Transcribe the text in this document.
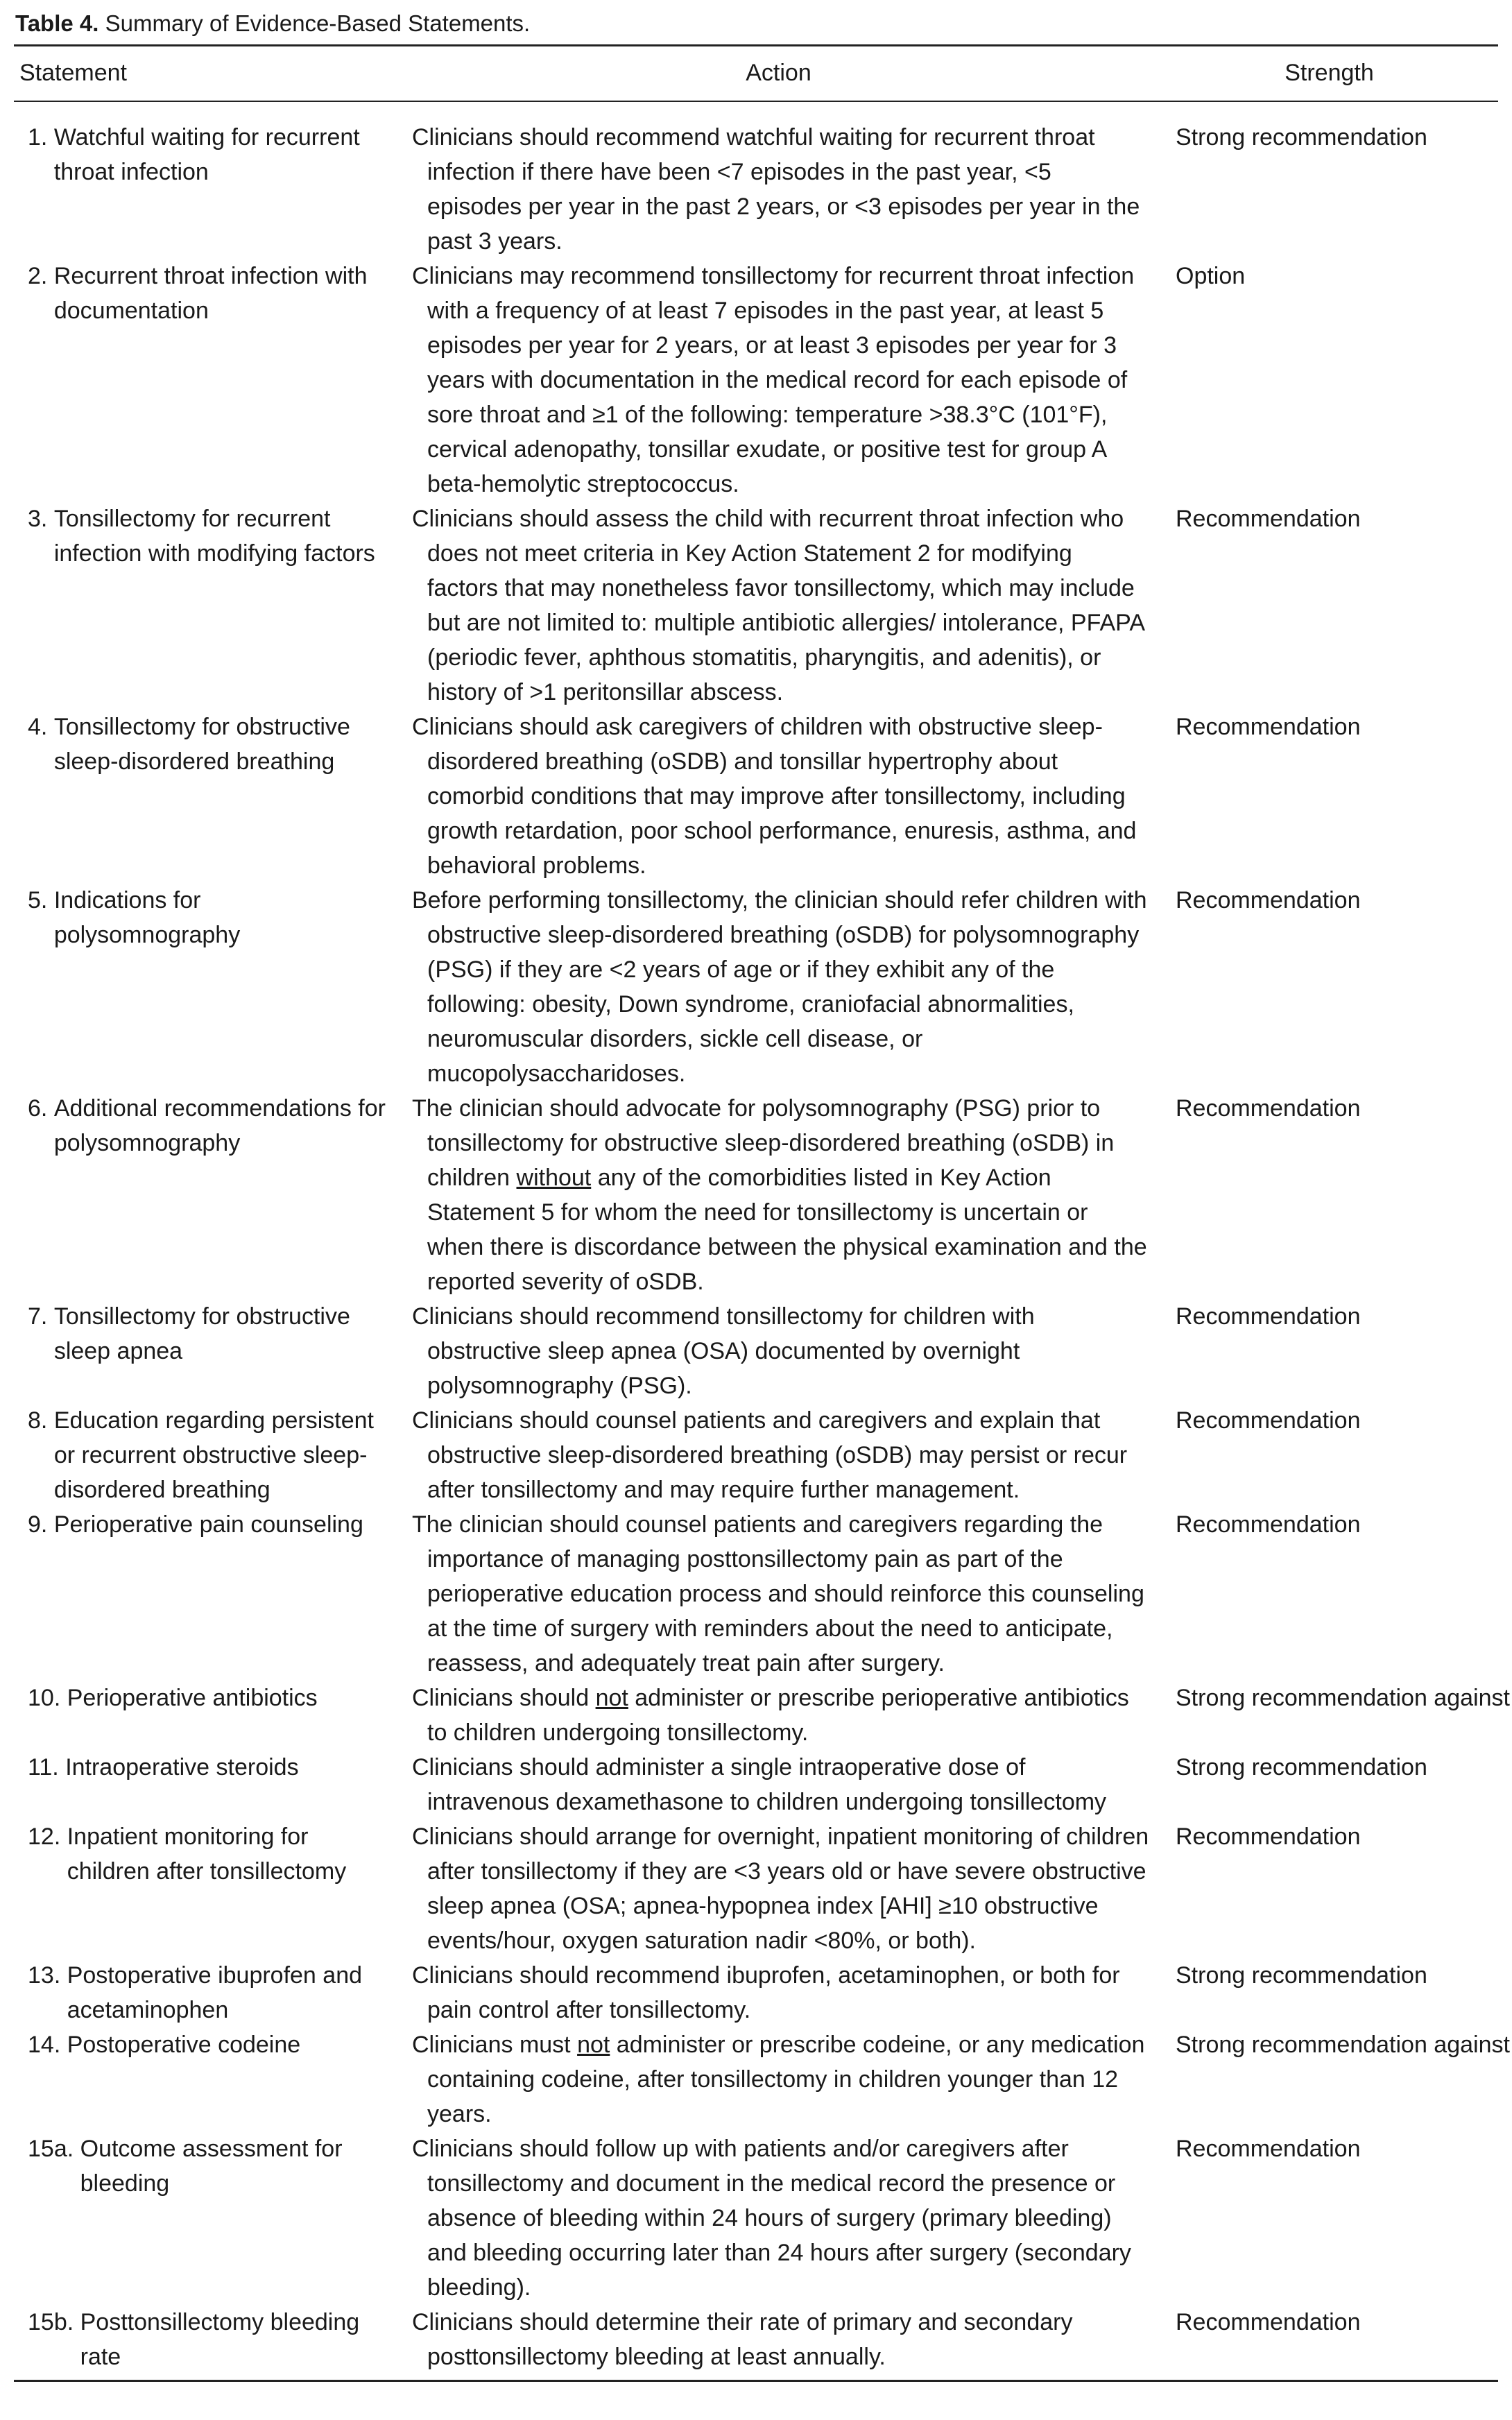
Table 4. Summary of Evidence-Based Statements.
Statement	Action	Strength

1. Watchful waiting for recurrent throat infection	Clinicians should recommend watchful waiting for recurrent throat infection if there have been <7 episodes in the past year, <5 episodes per year in the past 2 years, or <3 episodes per year in the past 3 years.	Strong recommendation

2. Recurrent throat infection with documentation	Clinicians may recommend tonsillectomy for recurrent throat infection with a frequency of at least 7 episodes in the past year, at least 5 episodes per year for 2 years, or at least 3 episodes per year for 3 years with documentation in the medical record for each episode of sore throat and ≥1 of the following: temperature >38.3°C (101°F), cervical adenopathy, tonsillar exudate, or positive test for group A beta-hemolytic streptococcus.	Option

3. Tonsillectomy for recurrent infection with modifying factors	Clinicians should assess the child with recurrent throat infection who does not meet criteria in Key Action Statement 2 for modifying factors that may nonetheless favor tonsillectomy, which may include but are not limited to: multiple antibiotic allergies/ intolerance, PFAPA (periodic fever, aphthous stomatitis, pharyngitis, and adenitis), or history of >1 peritonsillar abscess.	Recommendation

4. Tonsillectomy for obstructive sleep-disordered breathing	Clinicians should ask caregivers of children with obstructive sleep-disordered breathing (oSDB) and tonsillar hypertrophy about comorbid conditions that may improve after tonsillectomy, including growth retardation, poor school performance, enuresis, asthma, and behavioral problems.	Recommendation

5. Indications for polysomnography	Before performing tonsillectomy, the clinician should refer children with obstructive sleep-disordered breathing (oSDB) for polysomnography (PSG) if they are <2 years of age or if they exhibit any of the following: obesity, Down syndrome, craniofacial abnormalities, neuromuscular disorders, sickle cell disease, or mucopolysaccharidoses.	Recommendation

6. Additional recommendations for polysomnography	The clinician should advocate for polysomnography (PSG) prior to tonsillectomy for obstructive sleep-disordered breathing (oSDB) in children without any of the comorbidities listed in Key Action Statement 5 for whom the need for tonsillectomy is uncertain or when there is discordance between the physical examination and the reported severity of oSDB.	Recommendation

7. Tonsillectomy for obstructive sleep apnea	Clinicians should recommend tonsillectomy for children with obstructive sleep apnea (OSA) documented by overnight polysomnography (PSG).	Recommendation

8. Education regarding persistent or recurrent obstructive sleep-disordered breathing	Clinicians should counsel patients and caregivers and explain that obstructive sleep-disordered breathing (oSDB) may persist or recur after tonsillectomy and may require further management.	Recommendation

9. Perioperative pain counseling	The clinician should counsel patients and caregivers regarding the importance of managing posttonsillectomy pain as part of the perioperative education process and should reinforce this counseling at the time of surgery with reminders about the need to anticipate, reassess, and adequately treat pain after surgery.	Recommendation

10. Perioperative antibiotics	Clinicians should not administer or prescribe perioperative antibiotics to children undergoing tonsillectomy.	Strong recommendation against

11. Intraoperative steroids	Clinicians should administer a single intraoperative dose of intravenous dexamethasone to children undergoing tonsillectomy	Strong recommendation

12. Inpatient monitoring for children after tonsillectomy	Clinicians should arrange for overnight, inpatient monitoring of children after tonsillectomy if they are <3 years old or have severe obstructive sleep apnea (OSA; apnea-hypopnea index [AHI] ≥10 obstructive events/hour, oxygen saturation nadir <80%, or both).	Recommendation

13. Postoperative ibuprofen and acetaminophen	Clinicians should recommend ibuprofen, acetaminophen, or both for pain control after tonsillectomy.	Strong recommendation

14. Postoperative codeine	Clinicians must not administer or prescribe codeine, or any medication containing codeine, after tonsillectomy in children younger than 12 years.	Strong recommendation against

15a. Outcome assessment for bleeding	Clinicians should follow up with patients and/or caregivers after tonsillectomy and document in the medical record the presence or absence of bleeding within 24 hours of surgery (primary bleeding) and bleeding occurring later than 24 hours after surgery (secondary bleeding).	Recommendation

15b. Posttonsillectomy bleeding rate	Clinicians should determine their rate of primary and secondary posttonsillectomy bleeding at least annually.	Recommendation
